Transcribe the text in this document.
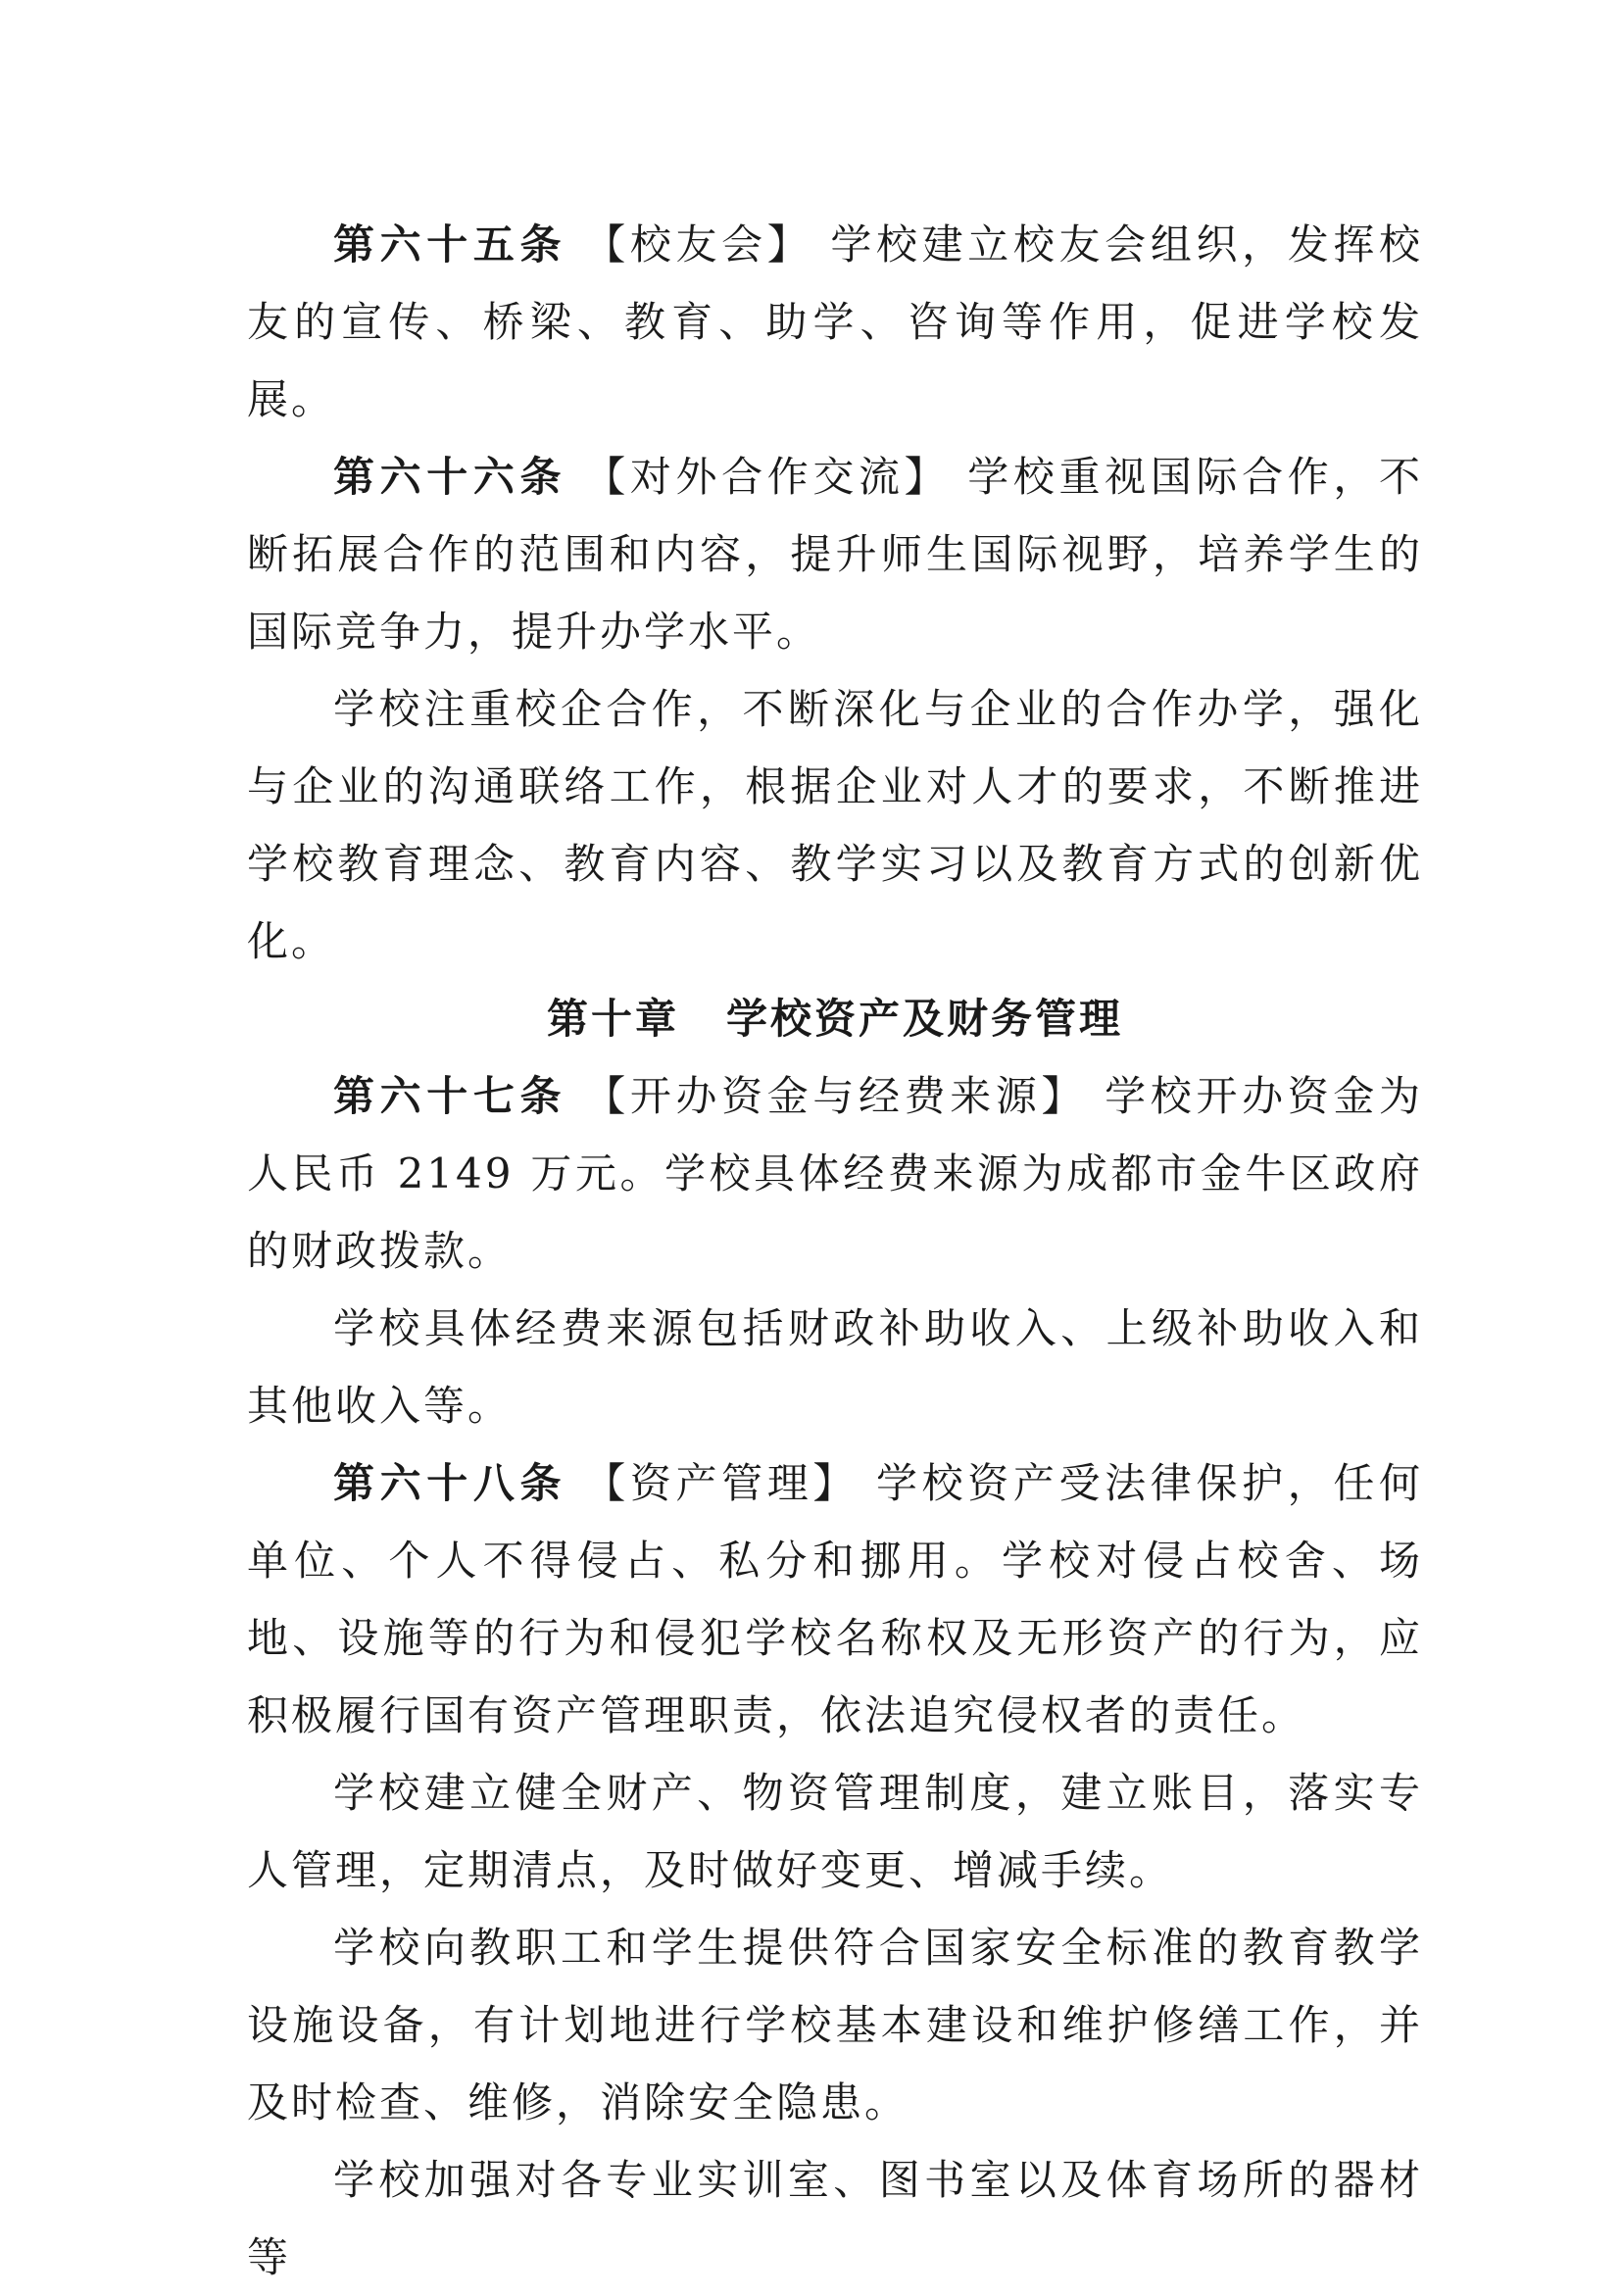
第六十五条 【校友会】 学校建立校友会组织，发挥校友的宣传、桥梁、教育、助学、咨询等作用，促进学校发展。

第六十六条 【对外合作交流】 学校重视国际合作，不断拓展合作的范围和内容，提升师生国际视野，培养学生的国际竞争力，提升办学水平。

学校注重校企合作，不断深化与企业的合作办学，强化与企业的沟通联络工作，根据企业对人才的要求，不断推进学校教育理念、教育内容、教学实习以及教育方式的创新优化。

第十章 学校资产及财务管理

第六十七条 【开办资金与经费来源】 学校开办资金为人民币 2149 万元。学校具体经费来源为成都市金牛区政府的财政拨款。

学校具体经费来源包括财政补助收入、上级补助收入和其他收入等。

第六十八条 【资产管理】 学校资产受法律保护，任何单位、个人不得侵占、私分和挪用。学校对侵占校舍、场地、设施等的行为和侵犯学校名称权及无形资产的行为，应积极履行国有资产管理职责，依法追究侵权者的责任。

学校建立健全财产、物资管理制度，建立账目，落实专人管理，定期清点，及时做好变更、增减手续。

学校向教职工和学生提供符合国家安全标准的教育教学设施设备，有计划地进行学校基本建设和维护修缮工作，并及时检查、维修，消除安全隐患。

学校加强对各专业实训室、图书室以及体育场所的器材等
